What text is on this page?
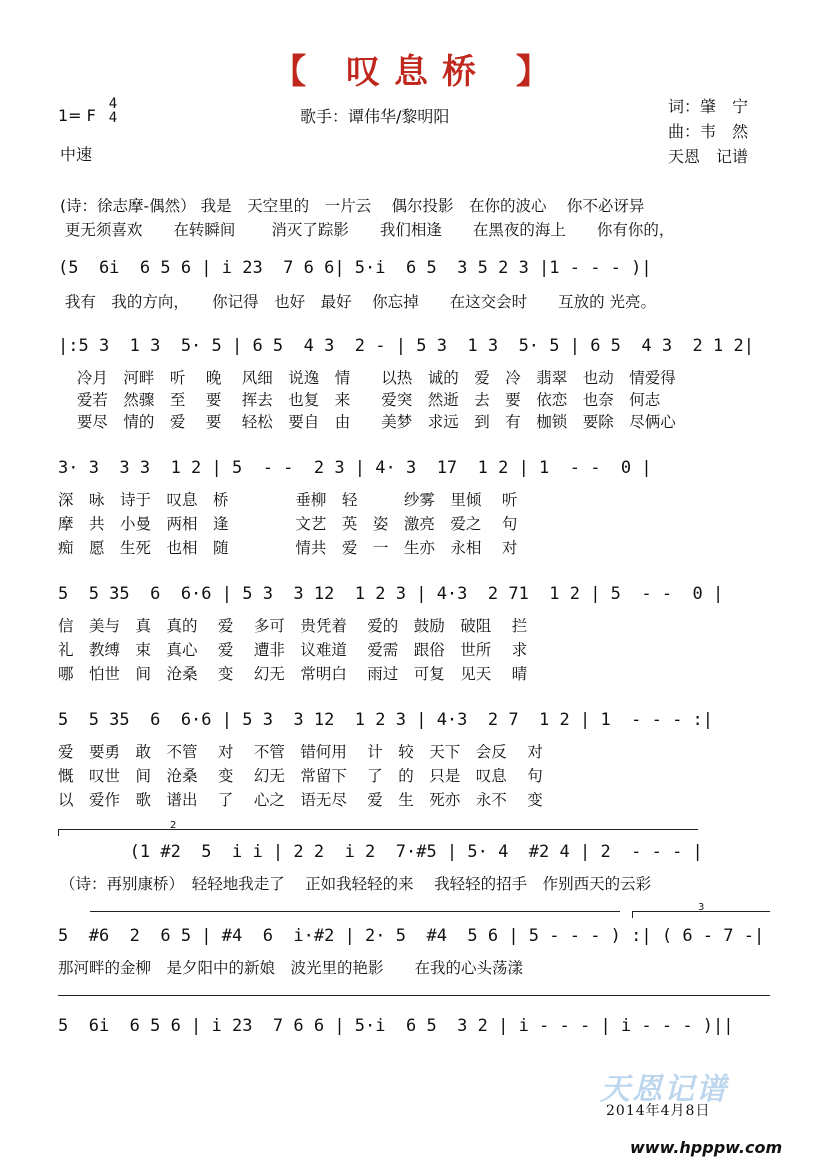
【 叹息桥 】
1= F
4
4
中速
歌手：谭伟华/黎明阳
词：肇　宁
曲：韦　然
天恩　记谱
(诗：徐志摩-偶然） 我是　天空里的　一片云　 偶尔投影　在你的波心　 你不必讶异
更无须喜欢　　在转瞬间　　 消灭了踪影　　我们相逢　　在黑夜的海上　　你有你的，
(5  6i  6 5 6 | i 23  7 6 6| 5·i  6 5  3 5 2 3 |1 - - - )|
我有　我的方向，　　你记得　也好　最好　 你忘掉　　在这交会时　　互放的 光亮。
|:5 3  1 3  5· 5 | 6 5  4 3  2 - | 5 3  1 3  5· 5 | 6 5  4 3  2 1 2|
冷月　河畔　听　 晚　 风细　说逸　情　　以热　诚的　爱　冷　翡翠　也动　情爱得
爱若　然骤　至　 要　 挥去　也复　来　　爱突　然逝　去　要　依恋　也奈　何志
要尽　情的　爱　 要　 轻松　要自　由　　美梦　求远　到　有　枷锁　要除　尽俩心
3· 3  3 3  1 2 | 5  - -  2 3 | 4· 3  17  1 2 | 1  - -  0 |
深　咏　诗于　叹息　桥　　　　 垂柳　轻　　　纱雾　里倾　 听
摩　共　小曼　两相　逢　　　　 文艺　英　姿　激亮　爱之　 句
痴　愿　生死　也相　随　　　　 情共　爱　一　生亦　永相　 对
5  5 35  6  6·6 | 5 3  3 12  1 2 3 | 4·3  2 71  1 2 | 5  - -  0 |
信　美与　真　真的　 爱　 多可　贵凭着　 爱的　鼓励　破阻　 拦
礼　教缚　束　真心　 爱　 遭非　议难道　 爱需　跟俗　世所　 求
哪　怕世　间　沧桑　 变　 幻无　常明白　 雨过　可复　见天　 晴
5  5 35  6  6·6 | 5 3  3 12  1 2 3 | 4·3  2 7  1 2 | 1  - - - :|
爱　要勇　敢　不管　 对　 不管　错何用　 计　较　天下　会反　 对
慨　叹世　间　沧桑　 变　 幻无　常留下　 了　的　只是　叹息　 句
以　爱作　歌　谱出　 了　 心之　语无尽　 爱　生　死亦　永不　 变
2
(1 #2  5  i i | 2 2  i 2  7·#5 | 5· 4  #2 4 | 2  - - - |
（诗：再别康桥）　轻轻地我走了　 正如我轻轻的来　 我轻轻的招手　作别西天的云彩
3
5  #6  2  6 5 | #4  6  i·#2 | 2· 5  #4  5 6 | 5 - - - ) :| ( 6 - 7 -|
那河畔的金柳　是夕阳中的新娘　波光里的艳影　　在我的心头荡漾
5  6i  6 5 6 | i 23  7 6 6 | 5·i  6 5  3 2 | i - - - | i - - - )||
天恩记谱
2014年4月8日
www.hpppw.com
